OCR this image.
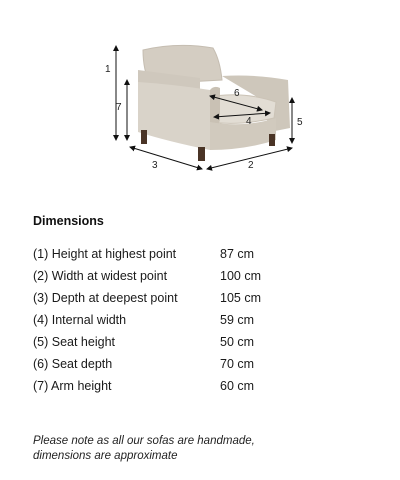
1
7
6
4	5
3	2
Dimensions
(1) Height at highest point	87 cm
(2) Width at widest point	100 cm
(3) Depth at deepest point	105 cm
(4) Internal width	59 cm
(5) Seat height	50 cm
(6) Seat depth	70 cm
(7) Arm height	60 cm
Please note as all our sofas are handmade,
dimensions are approximate
